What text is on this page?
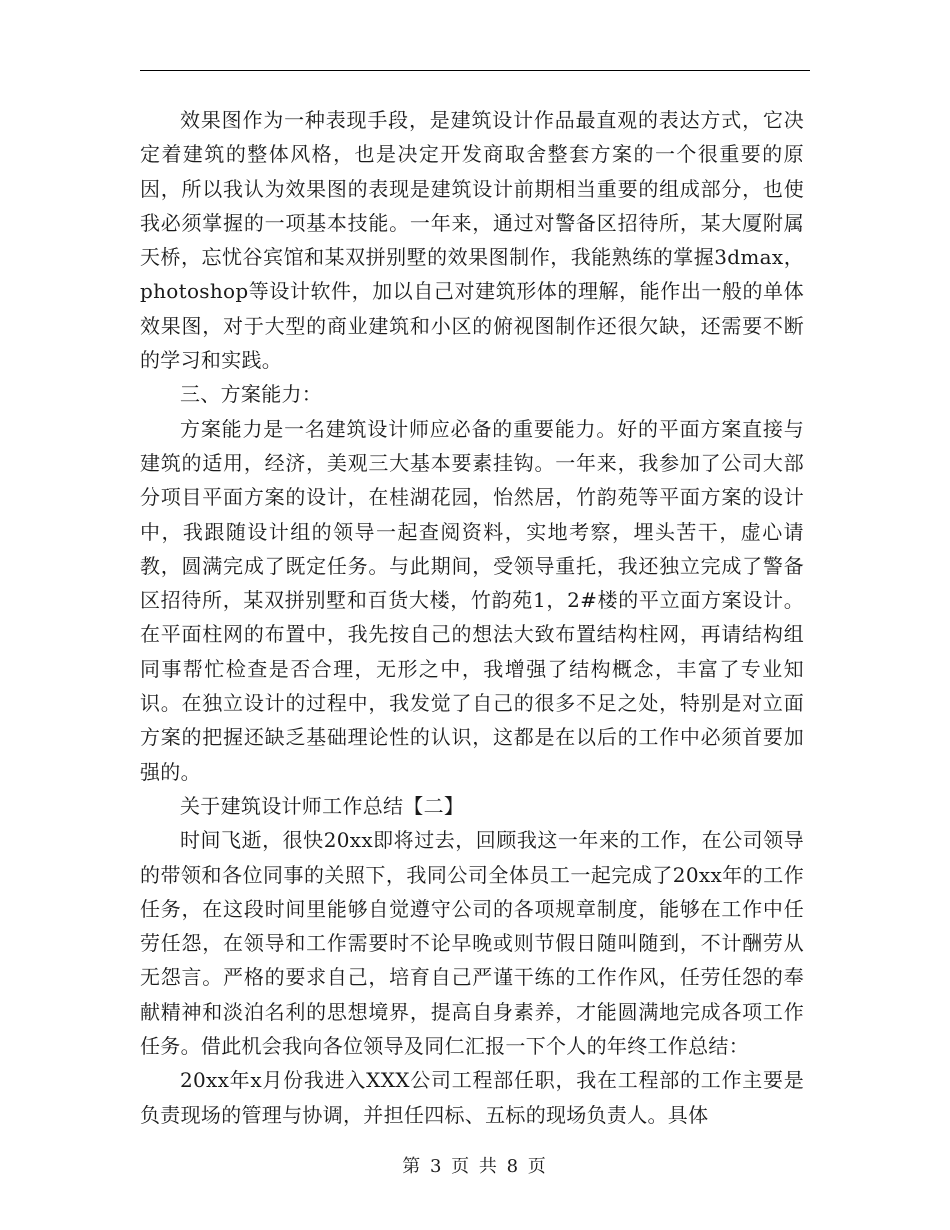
效果图作为一种表现手段，是建筑设计作品最直观的表达方式，它决定着建筑的整体风格，也是决定开发商取舍整套方案的一个很重要的原因，所以我认为效果图的表现是建筑设计前期相当重要的组成部分，也使我必须掌握的一项基本技能。一年来，通过对警备区招待所，某大厦附属天桥，忘忧谷宾馆和某双拼别墅的效果图制作，我能熟练的掌握3dmax，photoshop等设计软件，加以自己对建筑形体的理解，能作出一般的单体效果图，对于大型的商业建筑和小区的俯视图制作还很欠缺，还需要不断的学习和实践。

三、方案能力：

方案能力是一名建筑设计师应必备的重要能力。好的平面方案直接与建筑的适用，经济，美观三大基本要素挂钩。一年来，我参加了公司大部分项目平面方案的设计，在桂湖花园，怡然居，竹韵苑等平面方案的设计中，我跟随设计组的领导一起查阅资料，实地考察，埋头苦干，虚心请教，圆满完成了既定任务。与此期间，受领导重托，我还独立完成了警备区招待所，某双拼别墅和百货大楼，竹韵苑1，2#楼的平立面方案设计。在平面柱网的布置中，我先按自己的想法大致布置结构柱网，再请结构组同事帮忙检查是否合理，无形之中，我增强了结构概念，丰富了专业知识。在独立设计的过程中，我发觉了自己的很多不足之处，特别是对立面方案的把握还缺乏基础理论性的认识，这都是在以后的工作中必须首要加强的。

关于建筑设计师工作总结【二】

时间飞逝，很快20xx即将过去，回顾我这一年来的工作，在公司领导的带领和各位同事的关照下，我同公司全体员工一起完成了20xx年的工作任务，在这段时间里能够自觉遵守公司的各项规章制度，能够在工作中任劳任怨，在领导和工作需要时不论早晚或则节假日随叫随到，不计酬劳从无怨言。严格的要求自己，培育自己严谨干练的工作作风，任劳任怨的奉献精神和淡泊名利的思想境界，提高自身素养，才能圆满地完成各项工作任务。借此机会我向各位领导及同仁汇报一下个人的年终工作总结：

20xx年x月份我进入XXX公司工程部任职，我在工程部的工作主要是负责现场的管理与协调，并担任四标、五标的现场负责人。具体

第 3 页 共 8 页
